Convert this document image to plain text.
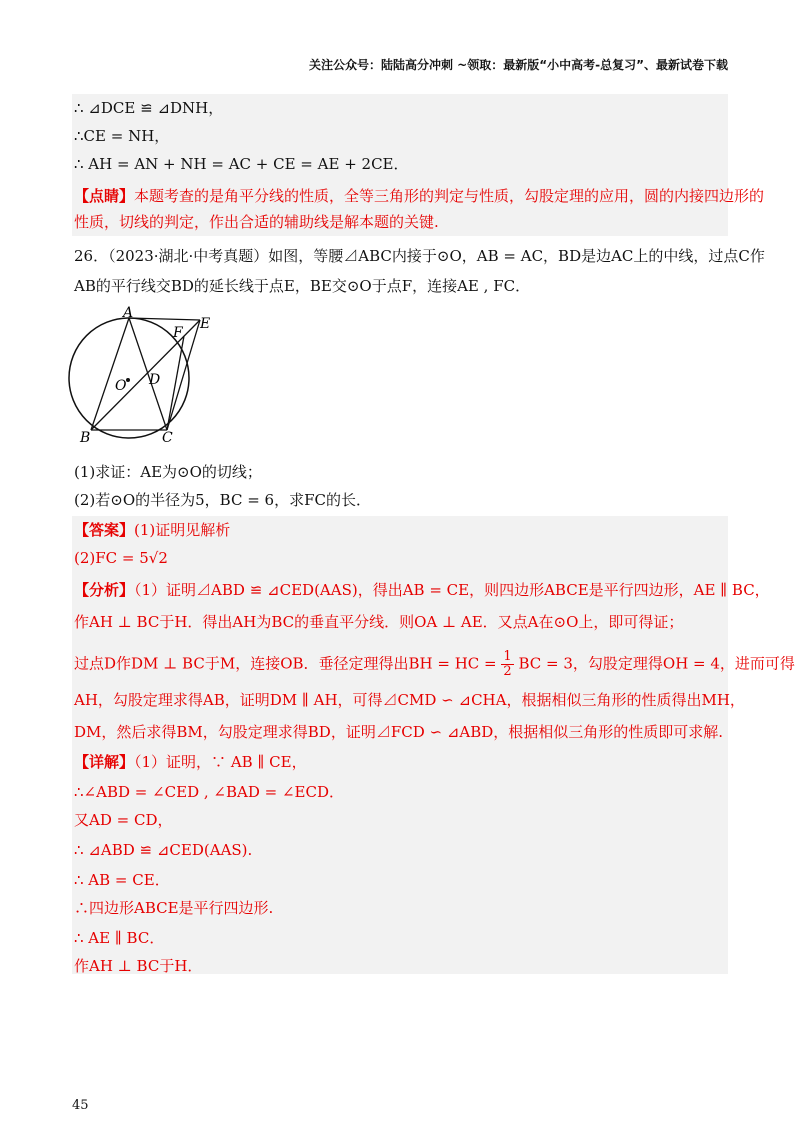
关注公众号：陆陆高分冲刺 ~领取：最新版“小中高考-总复习”、最新试卷下载
∴ ⊿DCE ≌ ⊿DNH，
∴CE = NH，
∴ AH = AN + NH = AC + CE = AE + 2CE．
【点睛】本题考查的是角平分线的性质，全等三角形的判定与性质，勾股定理的应用，圆的内接四边形的
性质，切线的判定，作出合适的辅助线是解本题的关键.
26．（2023·湖北·中考真题）如图，等腰⊿ABC内接于⊙O，AB = AC，BD是边AC上的中线，过点C作
AB的平行线交BD的延长线于点E，BE交⊙O于点F，连接AE , FC．
A
B	C
D
E
F
O
(1)求证：AE为⊙O的切线；
(2)若⊙O的半径为5，BC = 6，求FC的长．
【答案】(1)证明见解析
(2)FC = 5√2
【分析】（1）证明⊿ABD ≌ ⊿CED(AAS)，得出AB = CE，则四边形ABCE是平行四边形，AE ∥ BC，
作AH ⊥ BC于H．得出AH为BC的垂直平分线．则OA ⊥ AE．又点A在⊙O上，即可得证；
过点D作DM ⊥ BC于M，连接OB．垂径定理得出BH = HC = $\frac{1}{2}$ BC = 3，勾股定理得OH = 4，进而可得
AH，勾股定理求得AB，证明DM ∥ AH，可得⊿CMD ∽ ⊿CHA，根据相似三角形的性质得出MH，
DM，然后求得BM，勾股定理求得BD，证明⊿FCD ∽ ⊿ABD，根据相似三角形的性质即可求解.
【详解】（1）证明，∵ AB ∥ CE，
∴∠ABD = ∠CED , ∠BAD = ∠ECD．
又AD = CD，
∴ ⊿ABD ≌ ⊿CED(AAS).
∴ AB = CE．
∴四边形ABCE是平行四边形.
∴ AE ∥ BC．
作AH ⊥ BC于H．
45
